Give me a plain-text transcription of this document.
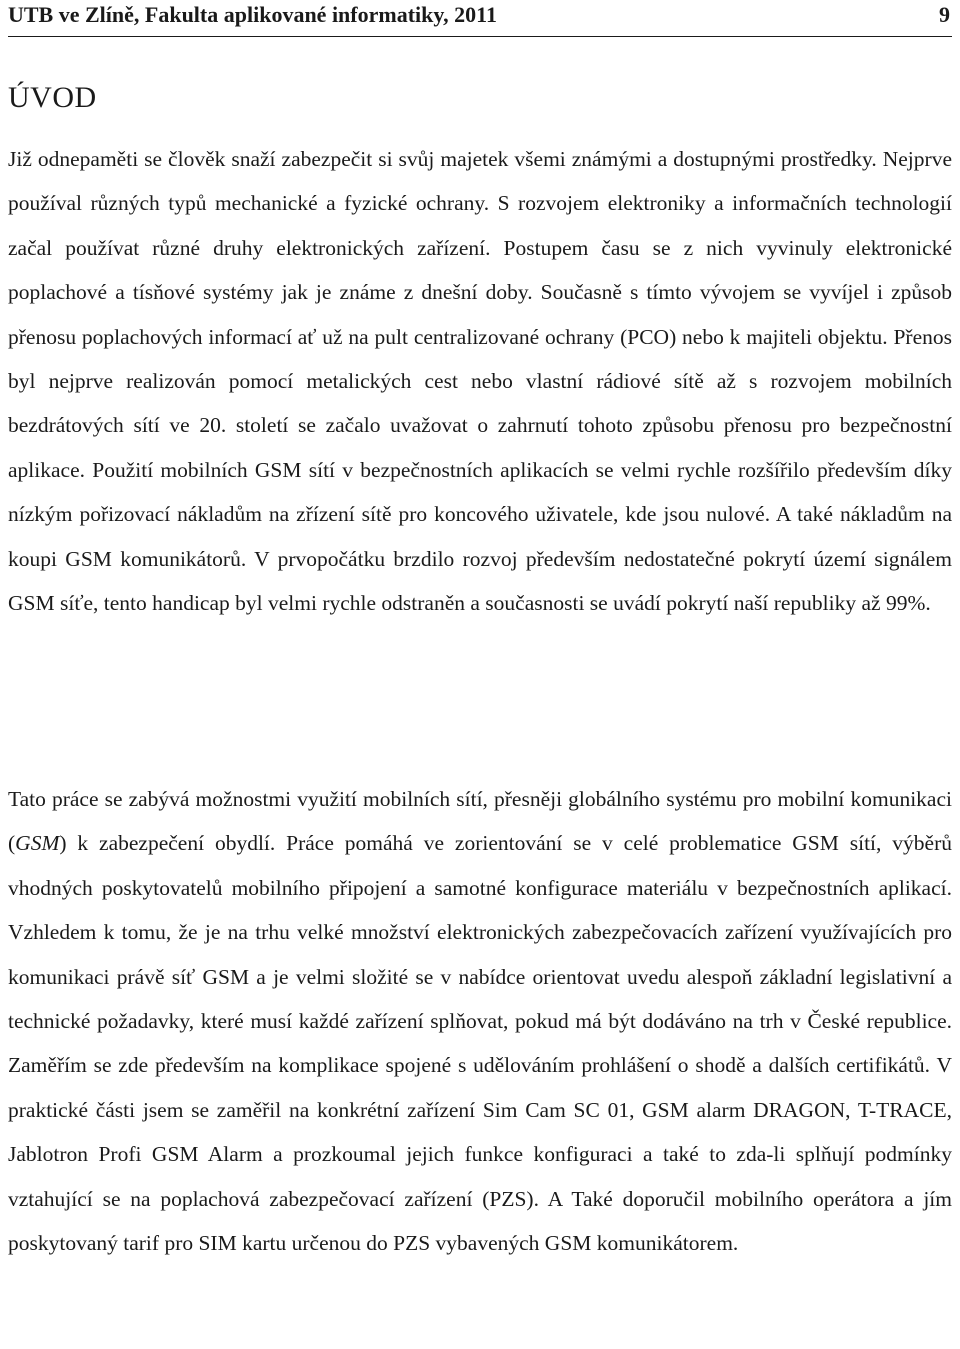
UTB ve Zlíně, Fakulta aplikované informatiky, 2011	9
ÚVOD

Již odnepaměti se člověk snaží zabezpečit si svůj majetek všemi známými a dostupnými prostředky. Nejprve používal různých typů mechanické a fyzické ochrany. S rozvojem elektroniky a informačních technologií začal používat různé druhy elektronických zařízení. Postupem času se z nich vyvinuly elektronické poplachové a tísňové systémy jak je známe z dnešní doby. Současně s tímto vývojem se vyvíjel i způsob přenosu poplachových informací ať už na pult centralizované ochrany (PCO) nebo k majiteli objektu. Přenos byl nejprve realizován pomocí metalických cest nebo vlastní rádiové sítě až s rozvojem mobilních bezdrátových sítí ve 20. století se začalo uvažovat o zahrnutí tohoto způsobu přenosu pro bezpečnostní aplikace. Použití mobilních GSM sítí v bezpečnostních aplikacích se velmi rychle rozšířilo především díky nízkým pořizovací nákladům na zřízení sítě pro koncového uživatele, kde jsou nulové. A také nákladům na koupi GSM komunikátorů. V prvopočátku brzdilo rozvoj především nedostatečné pokrytí území signálem GSM síťe, tento handicap byl velmi rychle odstraněn a současnosti se uvádí pokrytí naší republiky až 99%.

Tato práce se zabývá možnostmi využití mobilních sítí, přesněji globálního systému pro mobilní komunikaci (GSM) k zabezpečení obydlí. Práce pomáhá ve zorientování se v celé problematice GSM sítí, výběrů vhodných poskytovatelů mobilního připojení a samotné konfigurace materiálu v bezpečnostních aplikací. Vzhledem k tomu, že je na trhu velké množství elektronických zabezpečovacích zařízení využívajících pro komunikaci právě síť GSM a je velmi složité se v nabídce orientovat uvedu alespoň základní legislativní a technické požadavky, které musí každé zařízení splňovat, pokud má být dodáváno na trh v České republice. Zaměřím se zde především na komplikace spojené s udělováním prohlášení o shodě a dalších certifikátů. V praktické části jsem se zaměřil na konkrétní zařízení Sim Cam SC 01, GSM alarm DRAGON, T-TRACE, Jablotron Profi GSM Alarm a prozkoumal jejich funkce konfiguraci a také to zda-li splňují podmínky vztahující se na poplachová zabezpečovací zařízení (PZS). A Také doporučil mobilního operátora a jím poskytovaný tarif pro SIM kartu určenou do PZS vybavených GSM komunikátorem.
